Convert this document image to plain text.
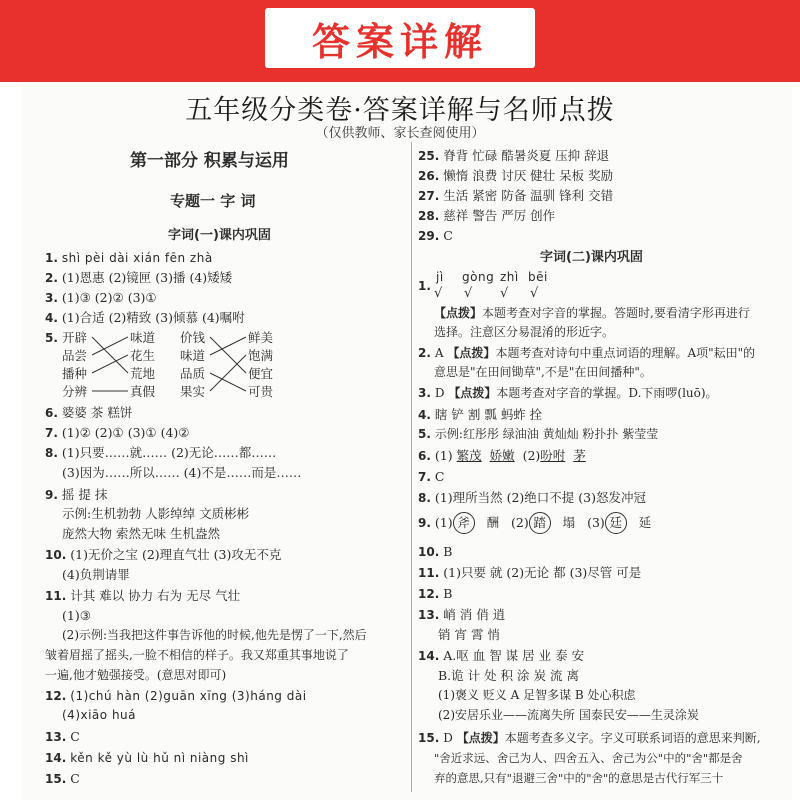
答案详解
五年级分类卷·答案详解与名师点拨
（仅供教师、家长查阅使用）
第一部分 积累与运用
专题一 字 词
字词(一)课内巩固
1. shì pèi dài xián fēn zhà
2. (1)恩惠 (2)镜匣 (3)播 (4)矮矮
3. (1)③ (2)② (3)①
4. (1)合适 (2)精致 (3)倾慕 (4)嘱咐
5. 开辟
品尝
播种
分辨
味道
花生
荒地
真假
价钱
味道
品质
果实
鲜美
饱满
便宜
可贵
6. 婆婆 茶 糕饼
7. (1)② (2)① (3)① (4)②
8. (1)只要……就…… (2)无论……都……
(3)因为……所以…… (4)不是……而是……
9. 摇 提 抹
示例:生机勃勃 人影绰绰 文质彬彬
庞然大物 索然无味 生机盎然
10. (1)无价之宝 (2)理直气壮 (3)攻无不克
(4)负荆请罪
11. 计其 难以 协力 右为 无尽 气壮
(1)③
(2)示例:当我把这件事告诉他的时候,他先是愣了一下,然后
皱着眉摇了摇头,一脸不相信的样子。我又郑重其事地说了
一遍,他才勉强接受。(意思对即可)
12. (1)chú hàn (2)guān xīng (3)háng dài
(4)xiāo huá
13. C
14. kěn kě yù lù hǔ nì niàng shì
15. C
25. 脊背 忙碌 酷暑炎夏 压抑 辞退
26. 懒惰 浪费 讨厌 健壮 呆板 奖励
27. 生活 紧密 防备 温驯 锋利 交错
28. 慈祥 警告 严厉 创作
29. C
字词(二)课内巩固
1.
jì gòng zhì bēi
√ √ √ √
【点拨】本题考查对字音的掌握。答题时,要看清字形再进行
选择。注意区分易混淆的形近字。
2. A 【点拨】本题考查对诗句中重点词语的理解。A项"耘田"的
意思是"在田间锄草",不是"在田间播种"。
3. D 【点拨】本题考查对字音的掌握。D.下雨啰(luō)。
4. 瞎 铲 割 瓢 蚂蚱 拴
5. 示例:红彤彤 绿油油 黄灿灿 粉扑扑 紫莹莹
6. (1) 繁茂 娇嫩 (2)吩咐 茅
7. C
8. (1)理所当然 (2)绝口不提 (3)怒发冲冠
9. (1) 斧 酬 (2) 踏 塌 (3) 廷 延
10. B
11. (1)只要 就 (2)无论 都 (3)尽管 可是
12. B
13. 峭 消 俏 逍
销 宵 霄 悄
14. A.呕 血 智 谋 居 业 泰 安
B.诡 计 处 积 涂 炭 流 离
(1)褒义 贬义 A 足智多谋 B 处心积虑
(2)安居乐业——流离失所 国泰民安——生灵涂炭
15. D 【点拨】本题考查多义字。字义可联系词语的意思来判断,
"舍近求远、舍己为人、四舍五入、舍己为公"中的"舍"都是舍
弃的意思,只有"退避三舍"中的"舍"的意思是古代行军三十
